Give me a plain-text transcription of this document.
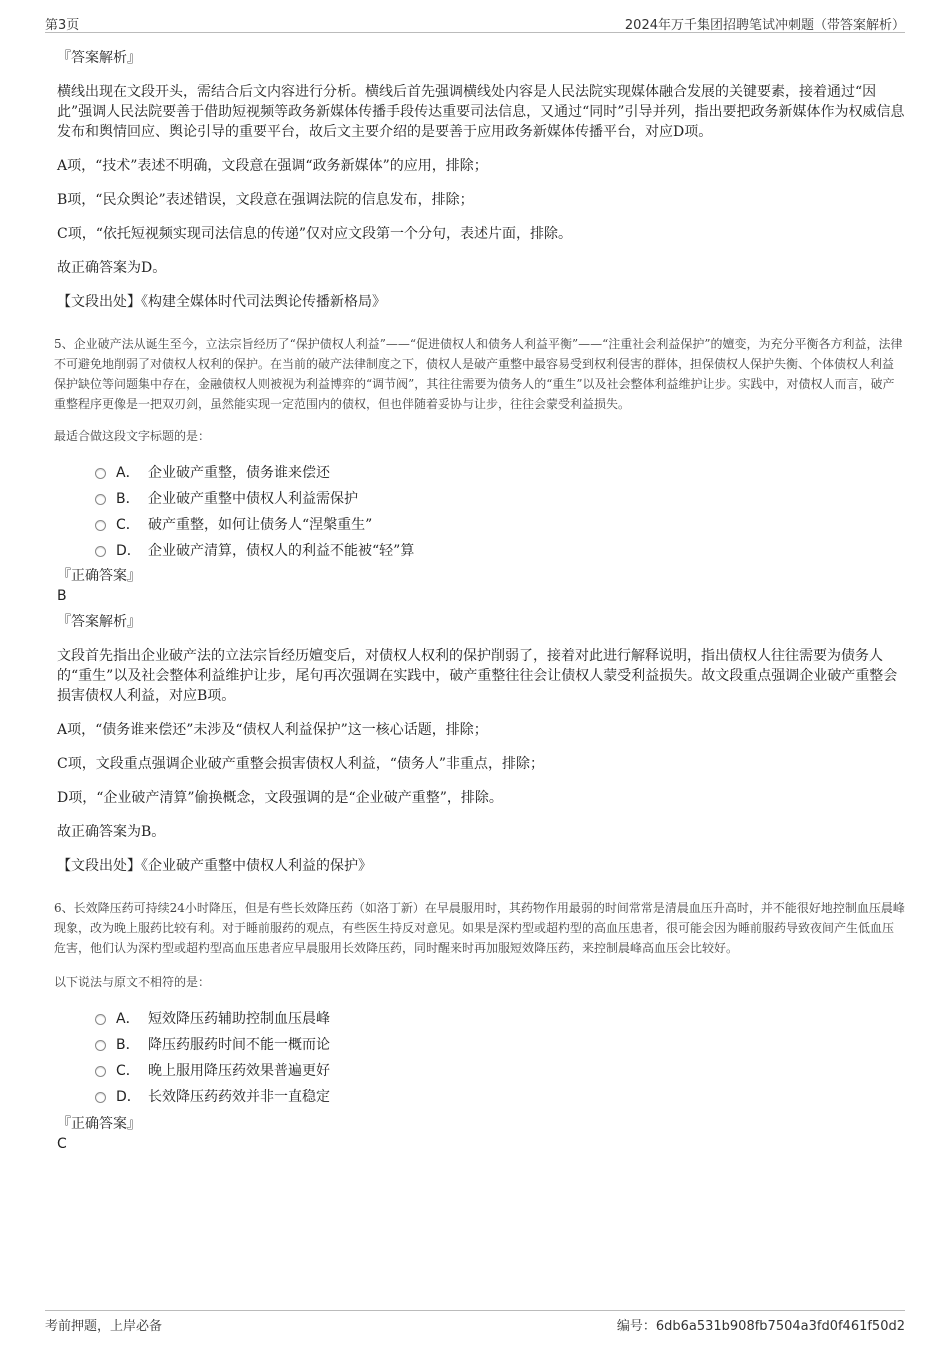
第3页	2024年万千集团招聘笔试冲刺题（带答案解析）
『答案解析』
横线出现在文段开头，需结合后文内容进行分析。横线后首先强调横线处内容是人民法院实现媒体融合发展的关键要素，接着通过“因此”强调人民法院要善于借助短视频等政务新媒体传播手段传达重要司法信息，又通过“同时”引导并列，指出要把政务新媒体作为权威信息发布和舆情回应、舆论引导的重要平台，故后文主要介绍的是要善于应用政务新媒体传播平台，对应D项。
A项，“技术”表述不明确，文段意在强调“政务新媒体”的应用，排除；
B项，“民众舆论”表述错误，文段意在强调法院的信息发布，排除；
C项，“依托短视频实现司法信息的传递”仅对应文段第一个分句，表述片面，排除。
故正确答案为D。
【文段出处】《构建全媒体时代司法舆论传播新格局》
5、企业破产法从诞生至今，立法宗旨经历了“保护债权人利益”——“促进债权人和债务人利益平衡”——“注重社会利益保护”的嬗变，为充分平衡各方利益，法律不可避免地削弱了对债权人权利的保护。在当前的破产法律制度之下，债权人是破产重整中最容易受到权利侵害的群体，担保债权人保护失衡、个体债权人利益保护缺位等问题集中存在，金融债权人则被视为利益博弈的“调节阀”，其往往需要为债务人的“重生”以及社会整体利益维护让步。实践中，对债权人而言，破产重整程序更像是一把双刃剑，虽然能实现一定范围内的债权，但也伴随着妥协与让步，往往会蒙受利益损失。
最适合做这段文字标题的是：
A． 企业破产重整，债务谁来偿还
B． 企业破产重整中债权人利益需保护
C． 破产重整，如何让债务人“涅槃重生”
D． 企业破产清算，债权人的利益不能被“轻”算
『正确答案』
B
『答案解析』
文段首先指出企业破产法的立法宗旨经历嬗变后，对债权人权利的保护削弱了，接着对此进行解释说明，指出债权人往往需要为债务人的“重生”以及社会整体利益维护让步，尾句再次强调在实践中，破产重整往往会让债权人蒙受利益损失。故文段重点强调企业破产重整会损害债权人利益，对应B项。
A项，“债务谁来偿还”未涉及“债权人利益保护”这一核心话题，排除；
C项，文段重点强调企业破产重整会损害债权人利益，“债务人”非重点，排除；
D项，“企业破产清算”偷换概念，文段强调的是“企业破产重整”，排除。
故正确答案为B。
【文段出处】《企业破产重整中债权人利益的保护》
6、长效降压药可持续24小时降压，但是有些长效降压药（如洛丁新）在早晨服用时，其药物作用最弱的时间常常是清晨血压升高时，并不能很好地控制血压晨峰现象，改为晚上服药比较有利。对于睡前服药的观点，有些医生持反对意见。如果是深杓型或超杓型的高血压患者，很可能会因为睡前服药导致夜间产生低血压危害，他们认为深杓型或超杓型高血压患者应早晨服用长效降压药，同时醒来时再加服短效降压药，来控制晨峰高血压会比较好。
以下说法与原文不相符的是：
A． 短效降压药辅助控制血压晨峰
B． 降压药服药时间不能一概而论
C． 晚上服用降压药效果普遍更好
D． 长效降压药药效并非一直稳定
『正确答案』
C
考前押题，上岸必备	编号：6db6a531b908fb7504a3fd0f461f50d2
